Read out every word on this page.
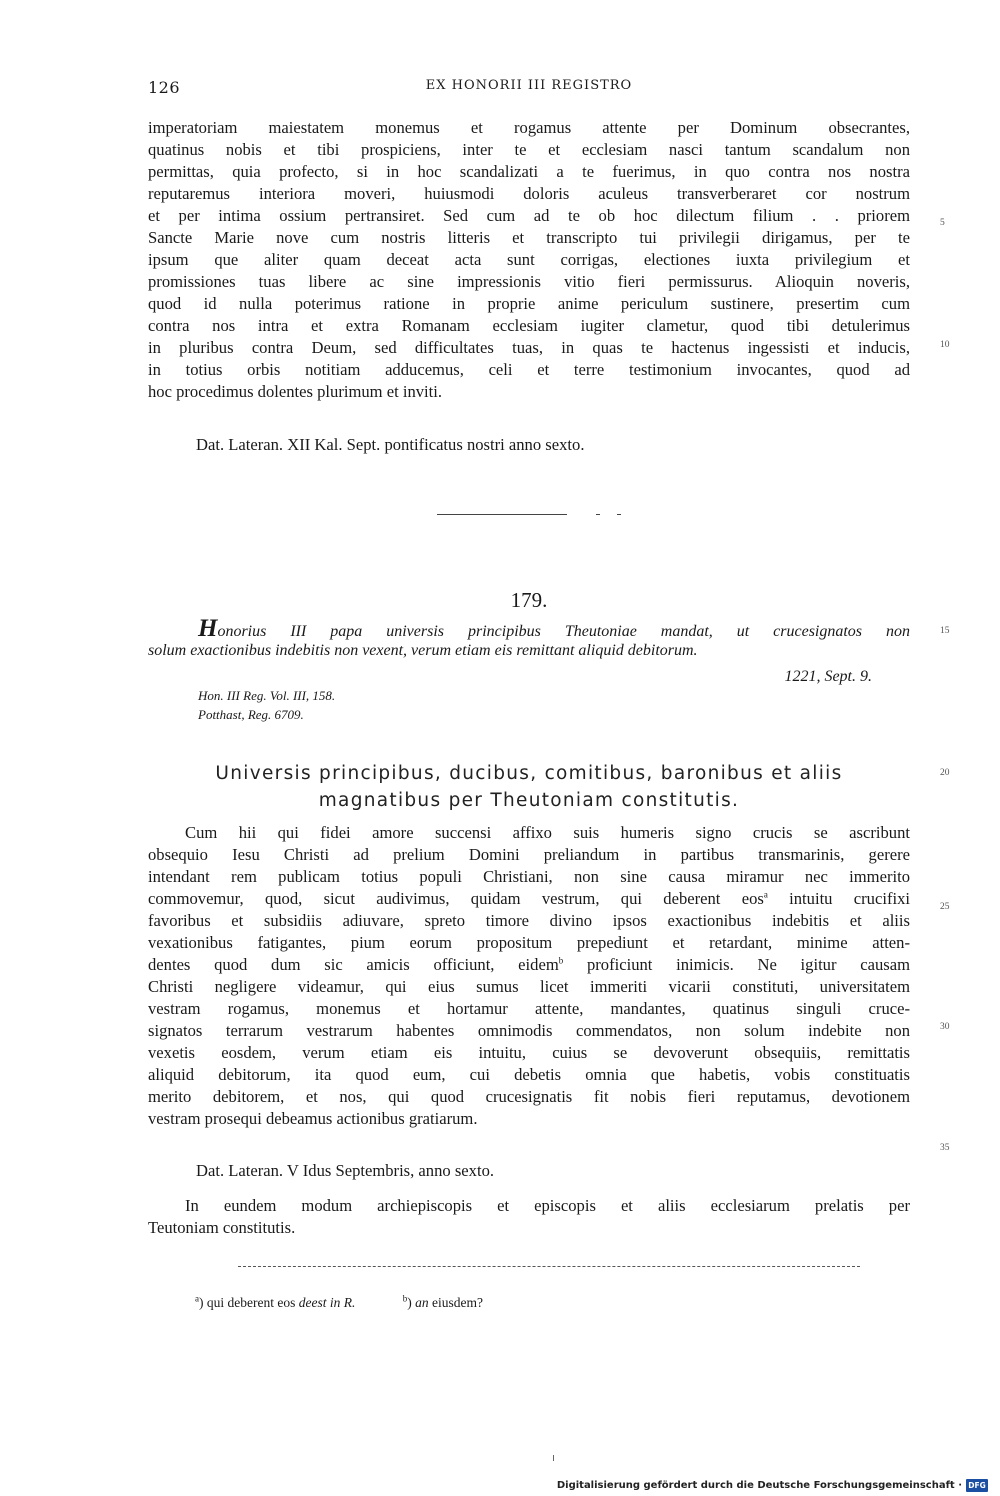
126	EX HONORII III REGISTRO
imperatoriam maiestatem monemus et rogamus attente per Dominum obsecrantes,
quatinus nobis et tibi prospiciens, inter te et ecclesiam nasci tantum scandalum non
permittas, quia profecto, si in hoc scandalizati a te fuerimus, in quo contra nos nostra
reputaremus interiora moveri, huiusmodi doloris aculeus transverberaret cor nostrum
et per intima ossium pertransiret. Sed cum ad te ob hoc dilectum filium . . priorem
Sancte Marie nove cum nostris litteris et transcripto tui privilegii dirigamus, per te
ipsum que aliter quam deceat acta sunt corrigas, electiones iuxta privilegium et
promissiones tuas libere ac sine impressionis vitio fieri permissurus. Alioquin noveris,
quod id nulla poterimus ratione in proprie anime periculum sustinere, presertim cum
contra nos intra et extra Romanam ecclesiam iugiter clametur, quod tibi detulerimus
in pluribus contra Deum, sed difficultates tuas, in quas te hactenus ingessisti et inducis,
in totius orbis notitiam adducemus, celi et terre testimonium invocantes, quod ad
hoc procedimus dolentes plurimum et inviti.
Dat. Lateran. XII Kal. Sept. pontificatus nostri anno sexto.
179.
Honorius III papa universis principibus Theutoniae mandat, ut crucesignatos non
solum exactionibus indebitis non vexent, verum etiam eis remittant aliquid debitorum.
1221, Sept. 9.
Hon. III Reg. Vol. III, 158.
Potthast, Reg. 6709.
Universis principibus, ducibus, comitibus, baronibus et aliis
magnatibus per Theutoniam constitutis.
Cum hii qui fidei amore succensi affixo suis humeris signo crucis se ascribunt
obsequio Iesu Christi ad prelium Domini preliandum in partibus transmarinis, gerere
intendant rem publicam totius populi Christiani, non sine causa miramur nec immerito
commovemur, quod, sicut audivimus, quidam vestrum, qui deberent eos$^a$ intuitu crucifixi
favoribus et subsidiis adiuvare, spreto timore divino ipsos exactionibus indebitis et aliis
vexationibus fatigantes, pium eorum propositum prepediunt et retardant, minime atten-
dentes quod dum sic amicis officiunt, eidem$^b$ proficiunt inimicis. Ne igitur causam
Christi negligere videamur, qui eius sumus licet immeriti vicarii constituti, universitatem
vestram rogamus, monemus et hortamur attente, mandantes, quatinus singuli cruce-
signatos terrarum vestrarum habentes omnimodis commendatos, non solum indebite non
vexetis eosdem, verum etiam eis intuitu, cuius se devoverunt obsequiis, remittatis
aliquid debitorum, ita quod eum, cui debetis omnia que habetis, vobis constituatis
merito debitorem, et nos, qui quod crucesignatis fit nobis fieri reputamus, devotionem
vestram prosequi debeamus actionibus gratiarum.
Dat. Lateran. V Idus Septembris, anno sexto.
In eundem modum archiepiscopis et episcopis et aliis ecclesiarum prelatis per
Teutoniam constitutis.
$^a$) qui deberent eos deest in R.	$^b$) an eiusdem?
5
10
15
20
25
30
35
Digitalisierung gefördert durch die Deutsche Forschungsgemeinschaft · DFG
